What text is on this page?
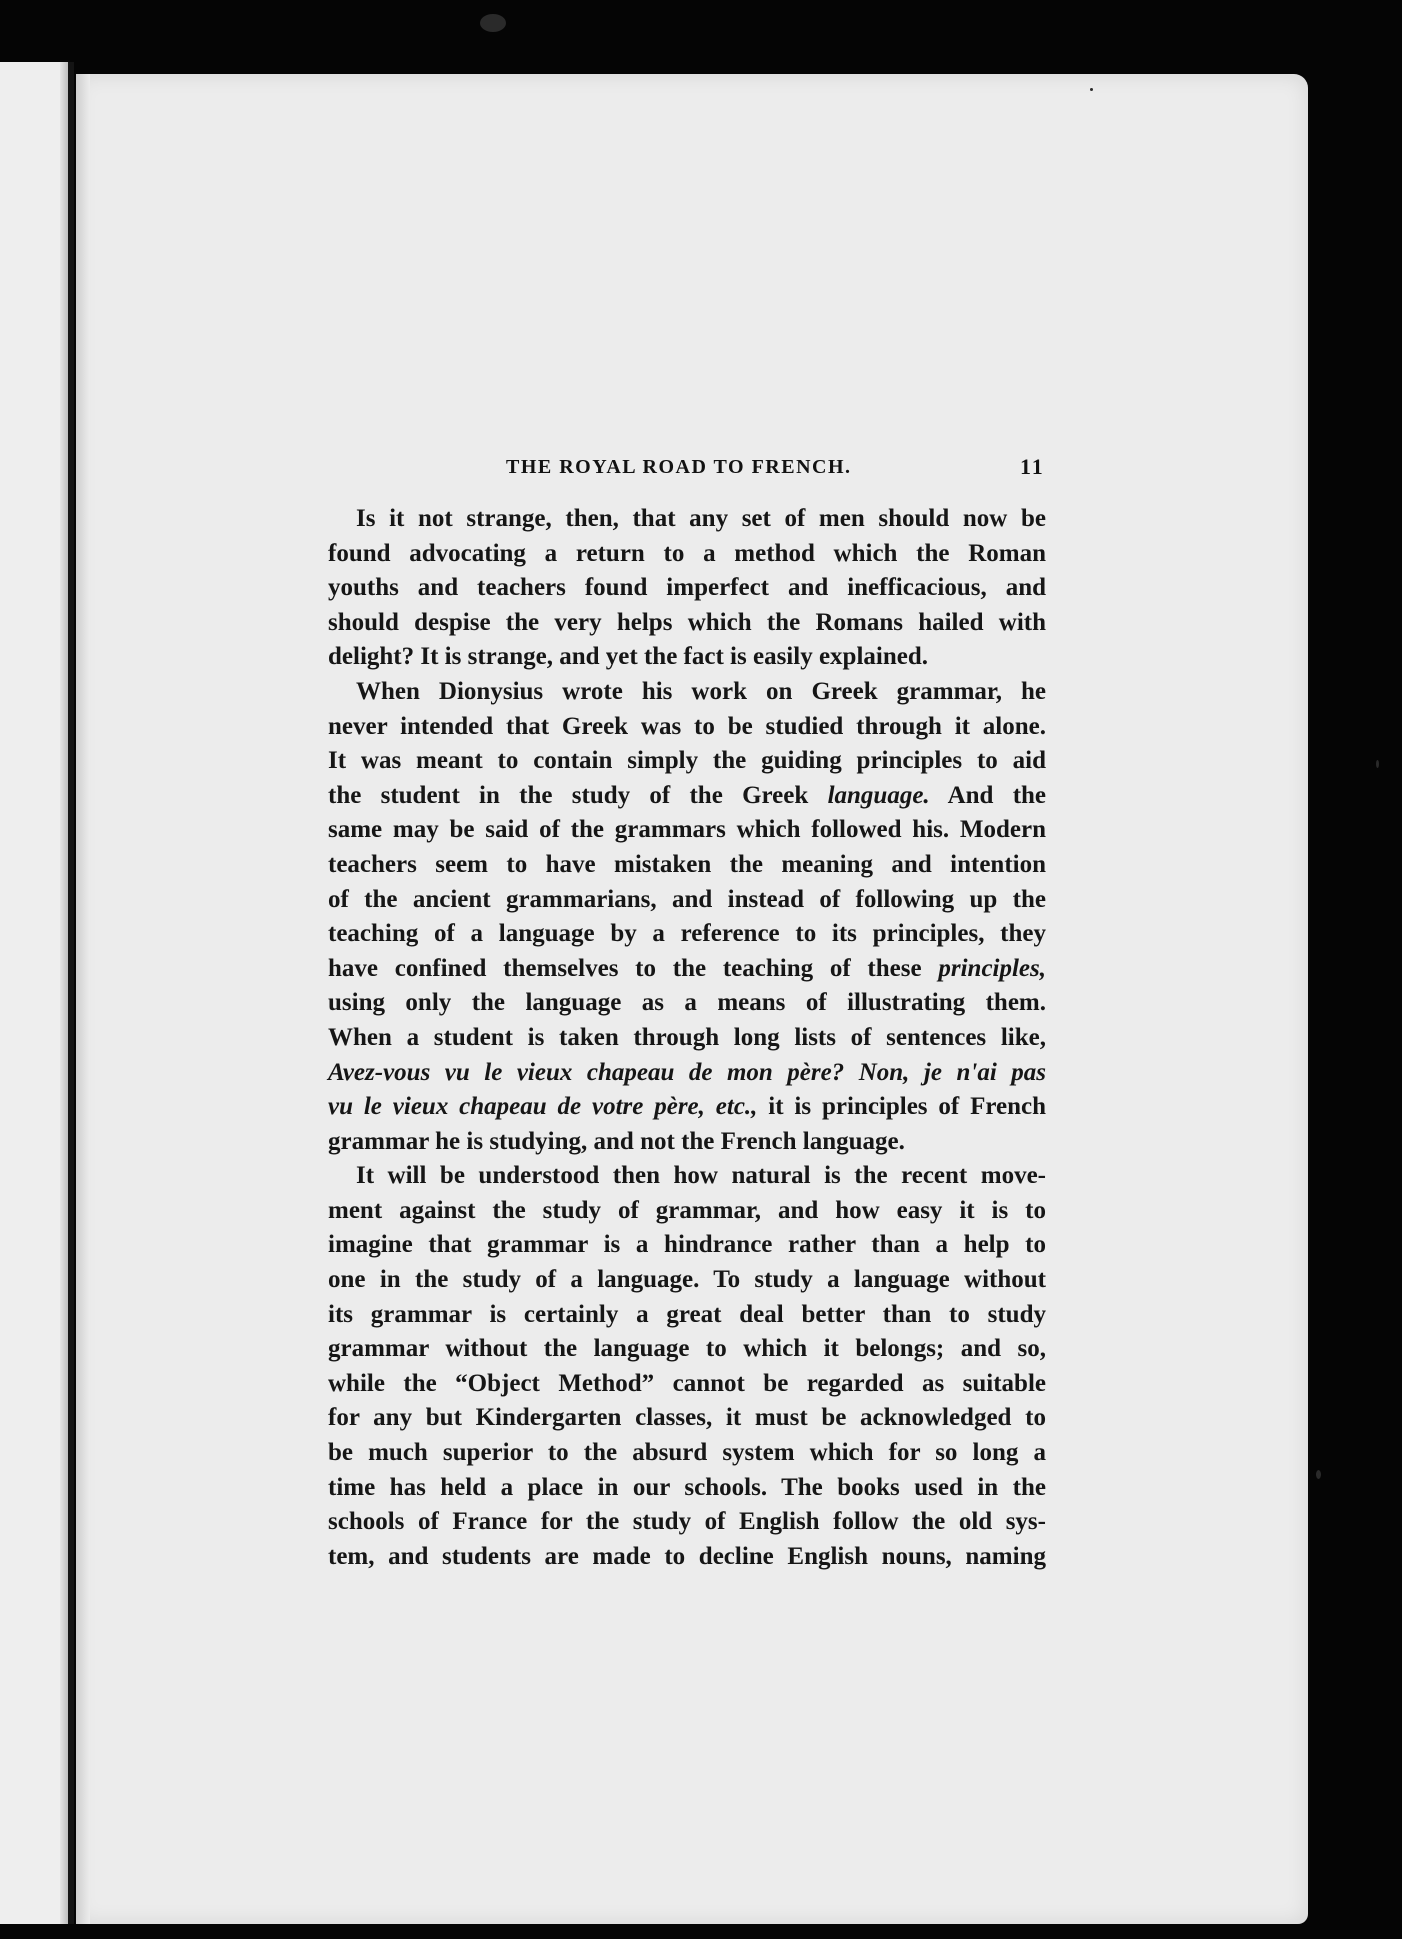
THE ROYAL ROAD TO FRENCH.	11
Is it not strange, then, that any set of men should now be
found advocating a return to a method which the Roman
youths and teachers found imperfect and inefficacious, and
should despise the very helps which the Romans hailed with
delight? It is strange, and yet the fact is easily explained.
When Dionysius wrote his work on Greek grammar, he
never intended that Greek was to be studied through it alone.
It was meant to contain simply the guiding principles to aid
the student in the study of the Greek language. And the
same may be said of the grammars which followed his. Modern
teachers seem to have mistaken the meaning and intention
of the ancient grammarians, and instead of following up the
teaching of a language by a reference to its principles, they
have confined themselves to the teaching of these principles,
using only the language as a means of illustrating them.
When a student is taken through long lists of sentences like,
Avez-vous vu le vieux chapeau de mon père? Non, je n'ai pas
vu le vieux chapeau de votre père, etc., it is principles of French
grammar he is studying, and not the French language.
It will be understood then how natural is the recent move-
ment against the study of grammar, and how easy it is to
imagine that grammar is a hindrance rather than a help to
one in the study of a language. To study a language without
its grammar is certainly a great deal better than to study
grammar without the language to which it belongs; and so,
while the “Object Method” cannot be regarded as suitable
for any but Kindergarten classes, it must be acknowledged to
be much superior to the absurd system which for so long a
time has held a place in our schools. The books used in the
schools of France for the study of English follow the old sys-
tem, and students are made to decline English nouns, naming
